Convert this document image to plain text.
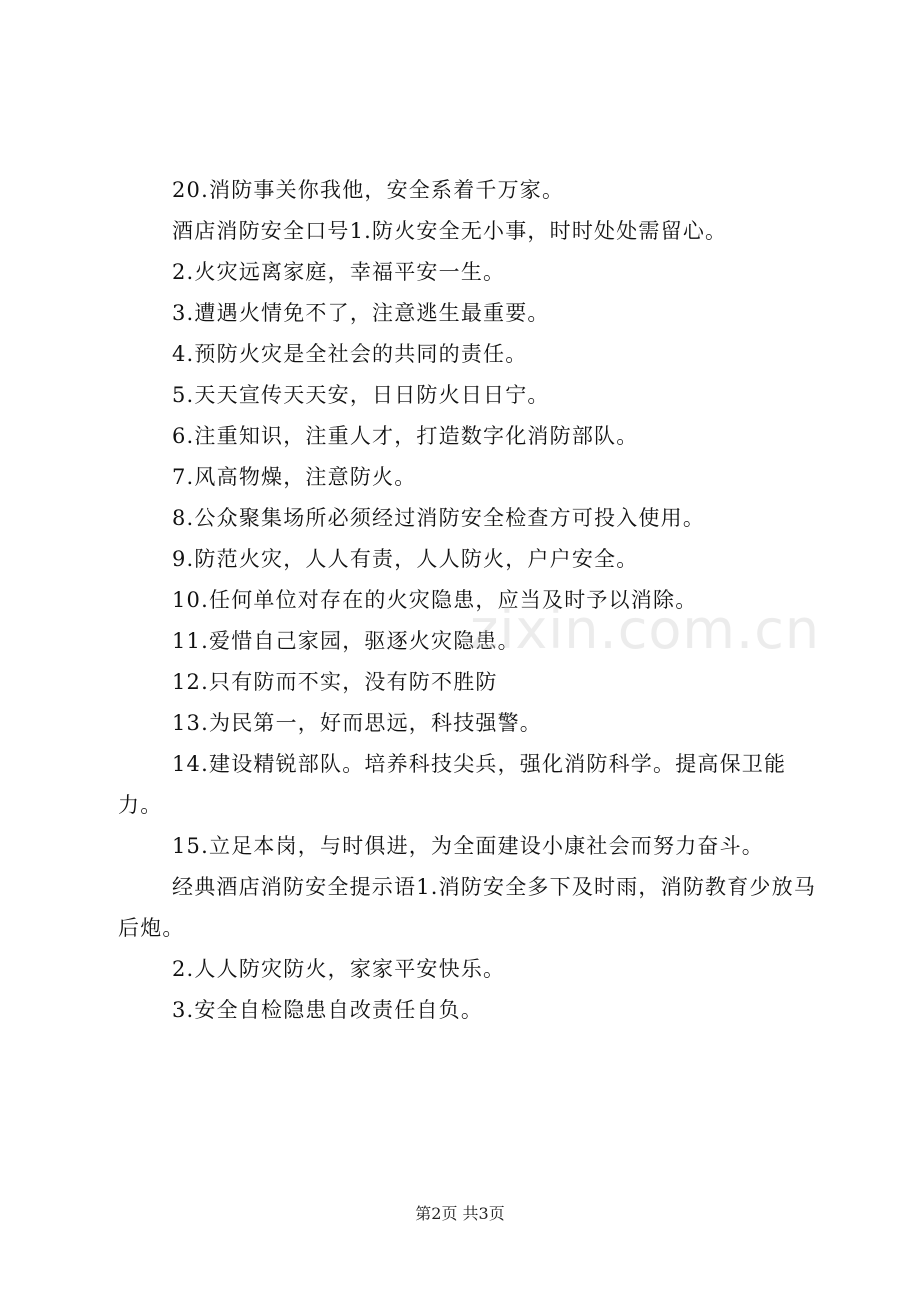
20.消防事关你我他，安全系着千万家。

酒店消防安全口号1.防火安全无小事，时时处处需留心。

2.火灾远离家庭，幸福平安一生。

3.遭遇火情免不了，注意逃生最重要。

4.预防火灾是全社会的共同的责任。

5.天天宣传天天安，日日防火日日宁。

6.注重知识，注重人才，打造数字化消防部队。

7.风高物燥，注意防火。

8.公众聚集场所必须经过消防安全检查方可投入使用。

9.防范火灾，人人有责，人人防火，户户安全。

10.任何单位对存在的火灾隐患，应当及时予以消除。

11.爱惜自己家园，驱逐火灾隐患。

12.只有防而不实，没有防不胜防

13.为民第一，好而思远，科技强警。

14.建设精锐部队。培养科技尖兵，强化消防科学。提高保卫能力。

15.立足本岗，与时俱进，为全面建设小康社会而努力奋斗。

经典酒店消防安全提示语1.消防安全多下及时雨，消防教育少放马后炮。

2.人人防灾防火，家家平安快乐。

3.安全自检隐患自改责任自负。

zixin.com.cn
第2页 共3页
